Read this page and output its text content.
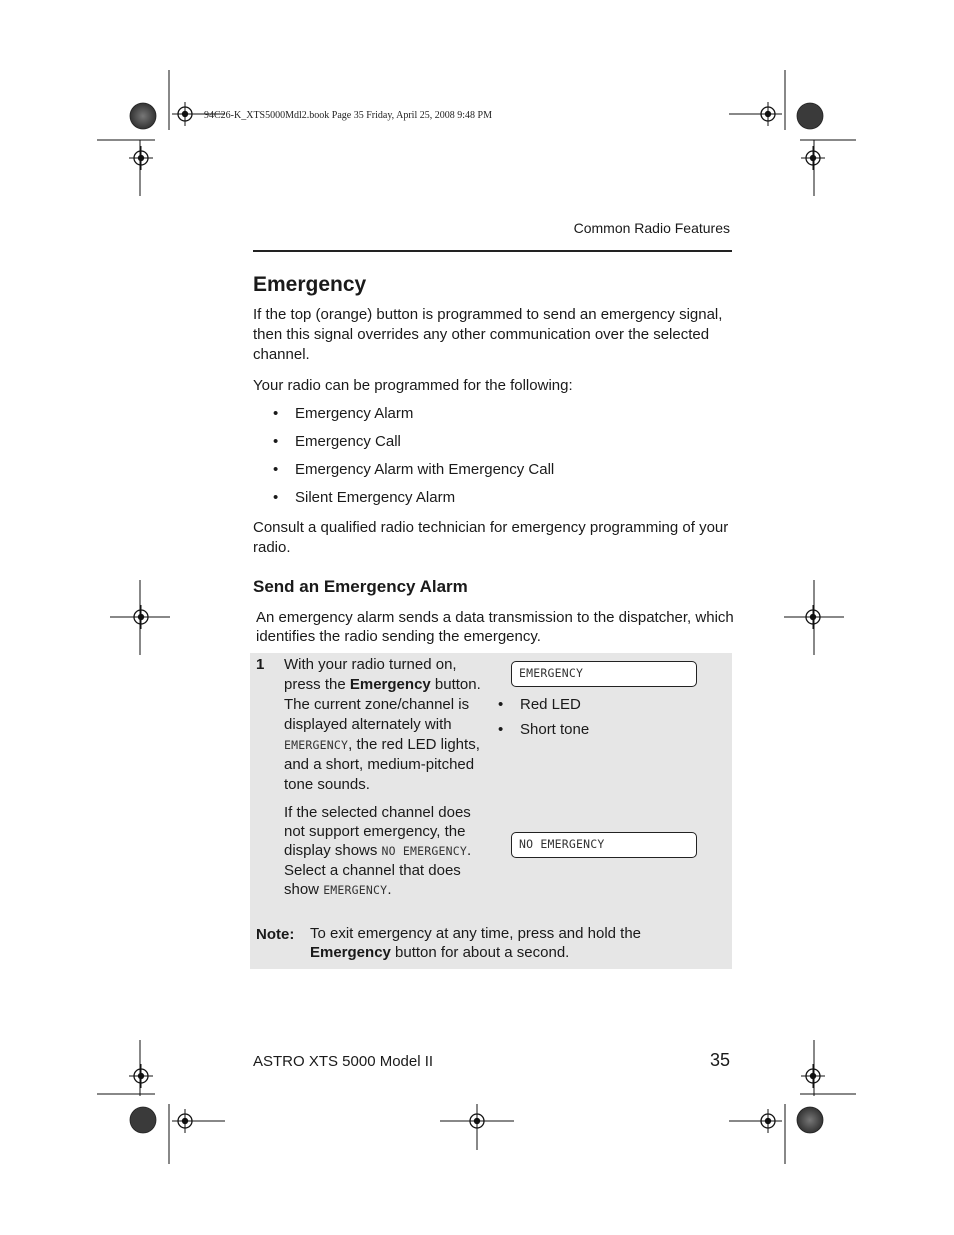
94C26-K_XTS5000Mdl2.book Page 35 Friday, April 25, 2008 9:48 PM
Common Radio Features
Emergency

If the top (orange) button is programmed to send an emergency signal, then this signal overrides any other communication over the selected channel.

Your radio can be programmed for the following:

• Emergency Alarm
• Emergency Call
• Emergency Alarm with Emergency Call
• Silent Emergency Alarm

Consult a qualified radio technician for emergency programming of your radio.

Send an Emergency Alarm

An emergency alarm sends a data transmission to the dispatcher, which identifies the radio sending the emergency.

1 With your radio turned on, press the Emergency button. The current zone/channel is displayed alternately with EMERGENCY, the red LED lights, and a short, medium-pitched tone sounds.

If the selected channel does not support emergency, the display shows NO EMERGENCY. Select a channel that does show EMERGENCY.

EMERGENCY
• Red LED
• Short tone
NO EMERGENCY
Note: To exit emergency at any time, press and hold the Emergency button for about a second.
ASTRO XTS 5000 Model II	35
